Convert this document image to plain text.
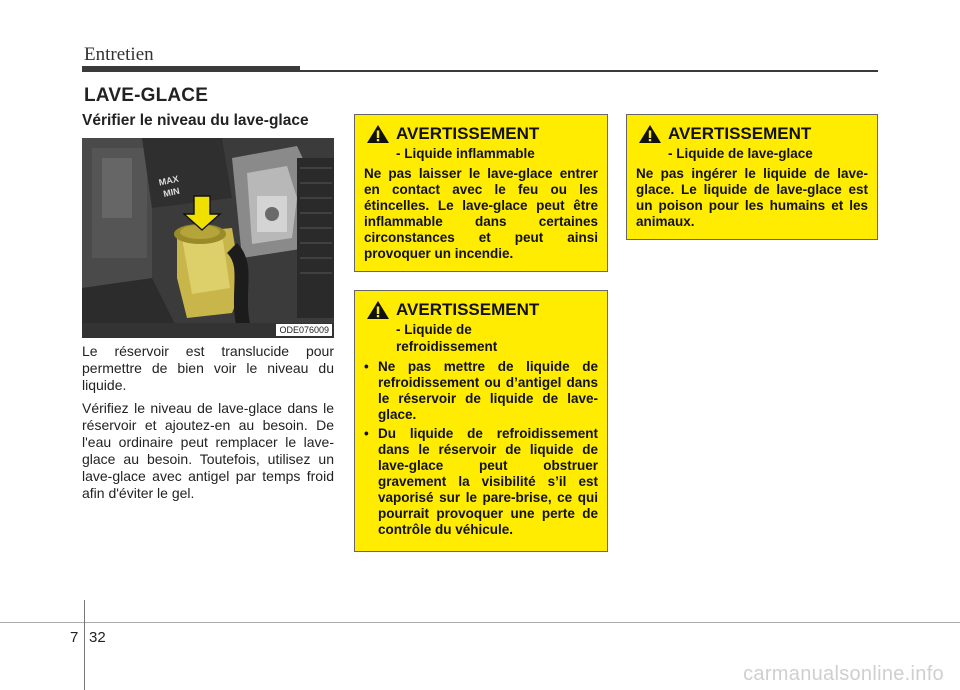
Entretien
LAVE-GLACE
Vérifier le niveau du lave-glace
MAX
MIN
ODE076009

Le réservoir est translucide pour permettre de bien voir le niveau du liquide.

Vérifiez le niveau de lave-glace dans le réservoir et ajoutez-en au besoin. De l'eau ordinaire peut remplacer le lave-glace au besoin. Toutefois, utilisez un lave-glace avec antigel par temps froid afin d'éviter le gel.

AVERTISSEMENT
- Liquide inflammable
Ne pas laisser le lave-glace entrer en contact avec le feu ou les étincelles. Le lave-glace peut être inflammable dans certaines circonstances et peut ainsi provoquer un incendie.
AVERTISSEMENT
- Liquide de refroidissement
• Ne pas mettre de liquide de refroidissement ou d’antigel dans le réservoir de liquide de lave-glace.
• Du liquide de refroidissement dans le réservoir de liquide de lave-glace peut obstruer gravement la visibilité s’il est vaporisé sur le pare-brise, ce qui pourrait provoquer une perte de contrôle du véhicule.
AVERTISSEMENT
- Liquide de lave-glace
Ne pas ingérer le liquide de lave-glace. Le liquide de lave-glace est un poison pour les humains et les animaux.
7 32
carmanualsonline.info
